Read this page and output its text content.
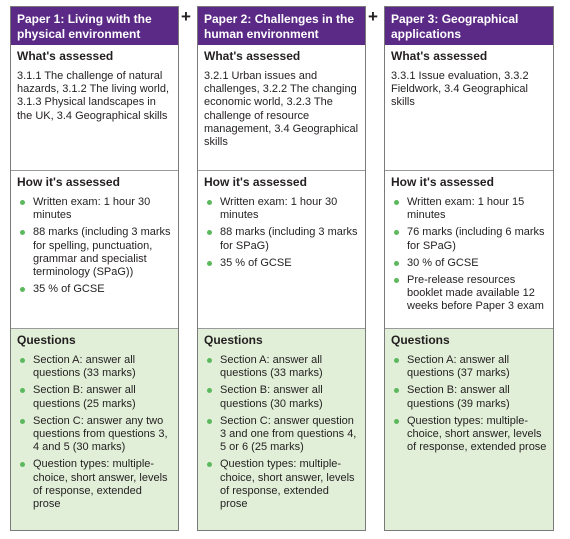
Paper 1: Living with the physical environment
What's assessed
3.1.1 The challenge of natural hazards, 3.1.2 The living world, 3.1.3 Physical landscapes in the UK, 3.4 Geographical skills
How it's assessed
Written exam: 1 hour 30 minutes
88 marks (including 3 marks for spelling, punctuation, grammar and specialist terminology (SPaG))
35 % of GCSE
Questions
Section A: answer all questions (33 marks)
Section B: answer all questions (25 marks)
Section C: answer any two questions from questions 3, 4 and 5 (30 marks)
Question types: multiple-choice, short answer, levels of response, extended prose
+	Paper 2: Challenges in the human environment
What's assessed
3.2.1 Urban issues and challenges, 3.2.2 The changing economic world, 3.2.3 The challenge of resource management, 3.4 Geographical skills
How it's assessed
Written exam: 1 hour 30 minutes
88 marks (including 3 marks for SPaG)
35 % of GCSE
Questions
Section A: answer all questions (33 marks)
Section B: answer all questions (30 marks)
Section C: answer question 3 and one from questions 4, 5 or 6 (25 marks)
Question types: multiple-choice, short answer, levels of response, extended prose
+	Paper 3: Geographical applications
What's assessed
3.3.1 Issue evaluation, 3.3.2 Fieldwork, 3.4 Geographical skills
How it's assessed
Written exam: 1 hour 15 minutes
76 marks (including 6 marks for SPaG)
30 % of GCSE
Pre-release resources booklet made available 12 weeks before Paper 3 exam
Questions
Section A: answer all questions (37 marks)
Section B: answer all questions (39 marks)
Question types: multiple-choice, short answer, levels of response, extended prose
